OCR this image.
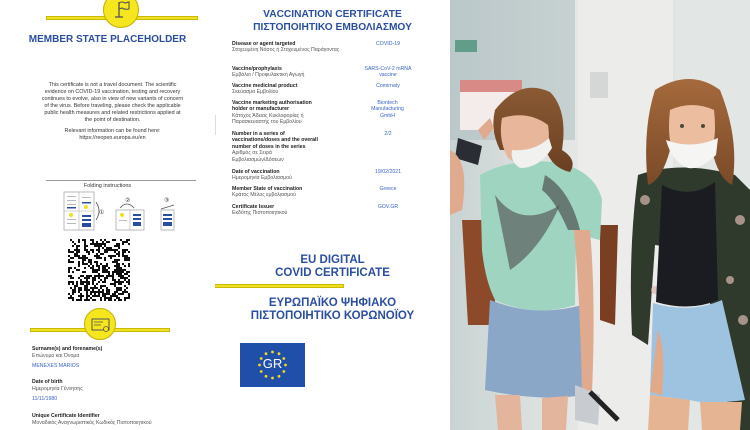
MEMBER STATE PLACEHOLDER
This certificate is not a travel document. The scientific evidence on COVID-19 vaccination, testing and recovery continues to evolve, also in view of new variants of concern of the virus. Before traveling, please check the applicable public health measures and related restrictions applied at the point of destination.
Relevant information can be found here:
https://reopen.europa.eu/en
Folding instructions
①
②	③
Surname(s) and forename(s)
Επώνυμο και Όνομα
MENEXES MARIOS
Date of birth
Ημερομηνία Γέννησης
11/11/1980
Unique Certificate Identifier
Μοναδικός Αναγνωριστικός Κωδικός Πιστοποιητικού
VACCINATION CERTIFICATE
ΠΙΣΤΟΠΟΙΗΤΙΚΟ ΕΜΒΟΛΙΑΣΜΟΥ
Disease or agent targeted
Στοχευμένη Νόσος ή Στοχευμένος Παράγοντας
COVID-19
Vaccine/prophylaxis
Εμβόλιο / Προφυλακτική Αγωγή
SARS-CoV-2 mRNA vaccine
Vaccine medicinal product
Σκεύασμα Εμβολίου
Comirnaty
Vaccine marketing authorisation holder or manufacturer
Κάτοχος Άδειας Κυκλοφορίας ή Παρασκευαστής του Εμβολίου
Biontech Manufacturing GmbH
Number in a series of vaccinations/doses and the overall number of doses in the series
Αριθμός σε Σειρά Εμβολιασμών/Δόσεων
2/2
Date of vaccination
Ημερομηνία Εμβολιασμού
19/02/2021
Member State of vaccination
Κράτος Μέλος εμβολιασμού
Greece
Certificate Issuer
Εκδότης Πιστοποιητικού
GOV.GR
EU DIGITAL
COVID CERTIFICATE
ΕΥΡΩΠΑΪΚΟ ΨΗΦΙΑΚΟ
ΠΙΣΤΟΠΟΙΗΤΙΚΟ ΚΟΡΩΝΟΪΟΥ
GR
